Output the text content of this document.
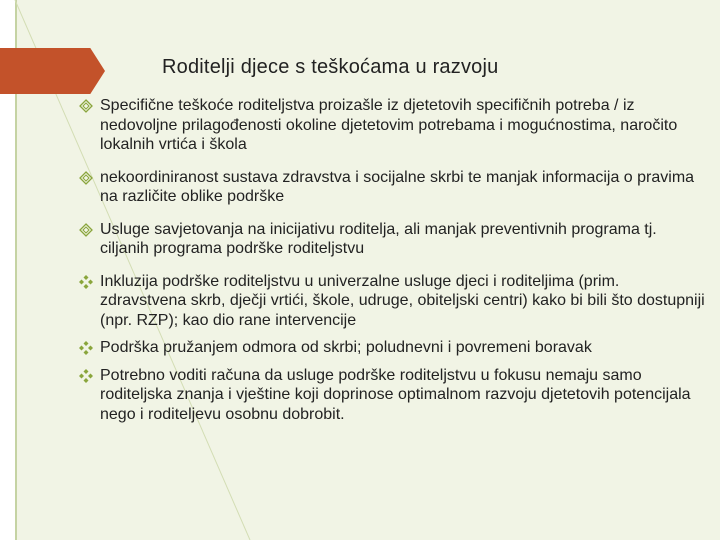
Roditelji djece s teškoćama u razvoju
Specifične teškoće roditeljstva proizašle iz djetetovih specifičnih potreba / iz nedovoljne prilagođenosti okoline djetetovim potrebama i mogućnostima, naročito lokalnih vrtića i škola
nekoordiniranost sustava zdravstva i socijalne skrbi te manjak informacija o pravima na različite oblike podrške
Usluge savjetovanja na inicijativu roditelja, ali manjak preventivnih programa tj. ciljanih programa podrške roditeljstvu
Inkluzija podrške roditeljstvu u univerzalne usluge djeci i roditeljima (prim. zdravstvena skrb, dječji vrtići, škole, udruge, obiteljski centri) kako bi bili što dostupniji (npr. RZP); kao dio rane intervencije
Podrška pružanjem odmora od skrbi; poludnevni i povremeni boravak
Potrebno voditi računa da usluge podrške roditeljstvu u fokusu nemaju samo roditeljska znanja i vještine koji doprinose optimalnom razvoju djetetovih potencijala nego i roditeljevu osobnu dobrobit.
